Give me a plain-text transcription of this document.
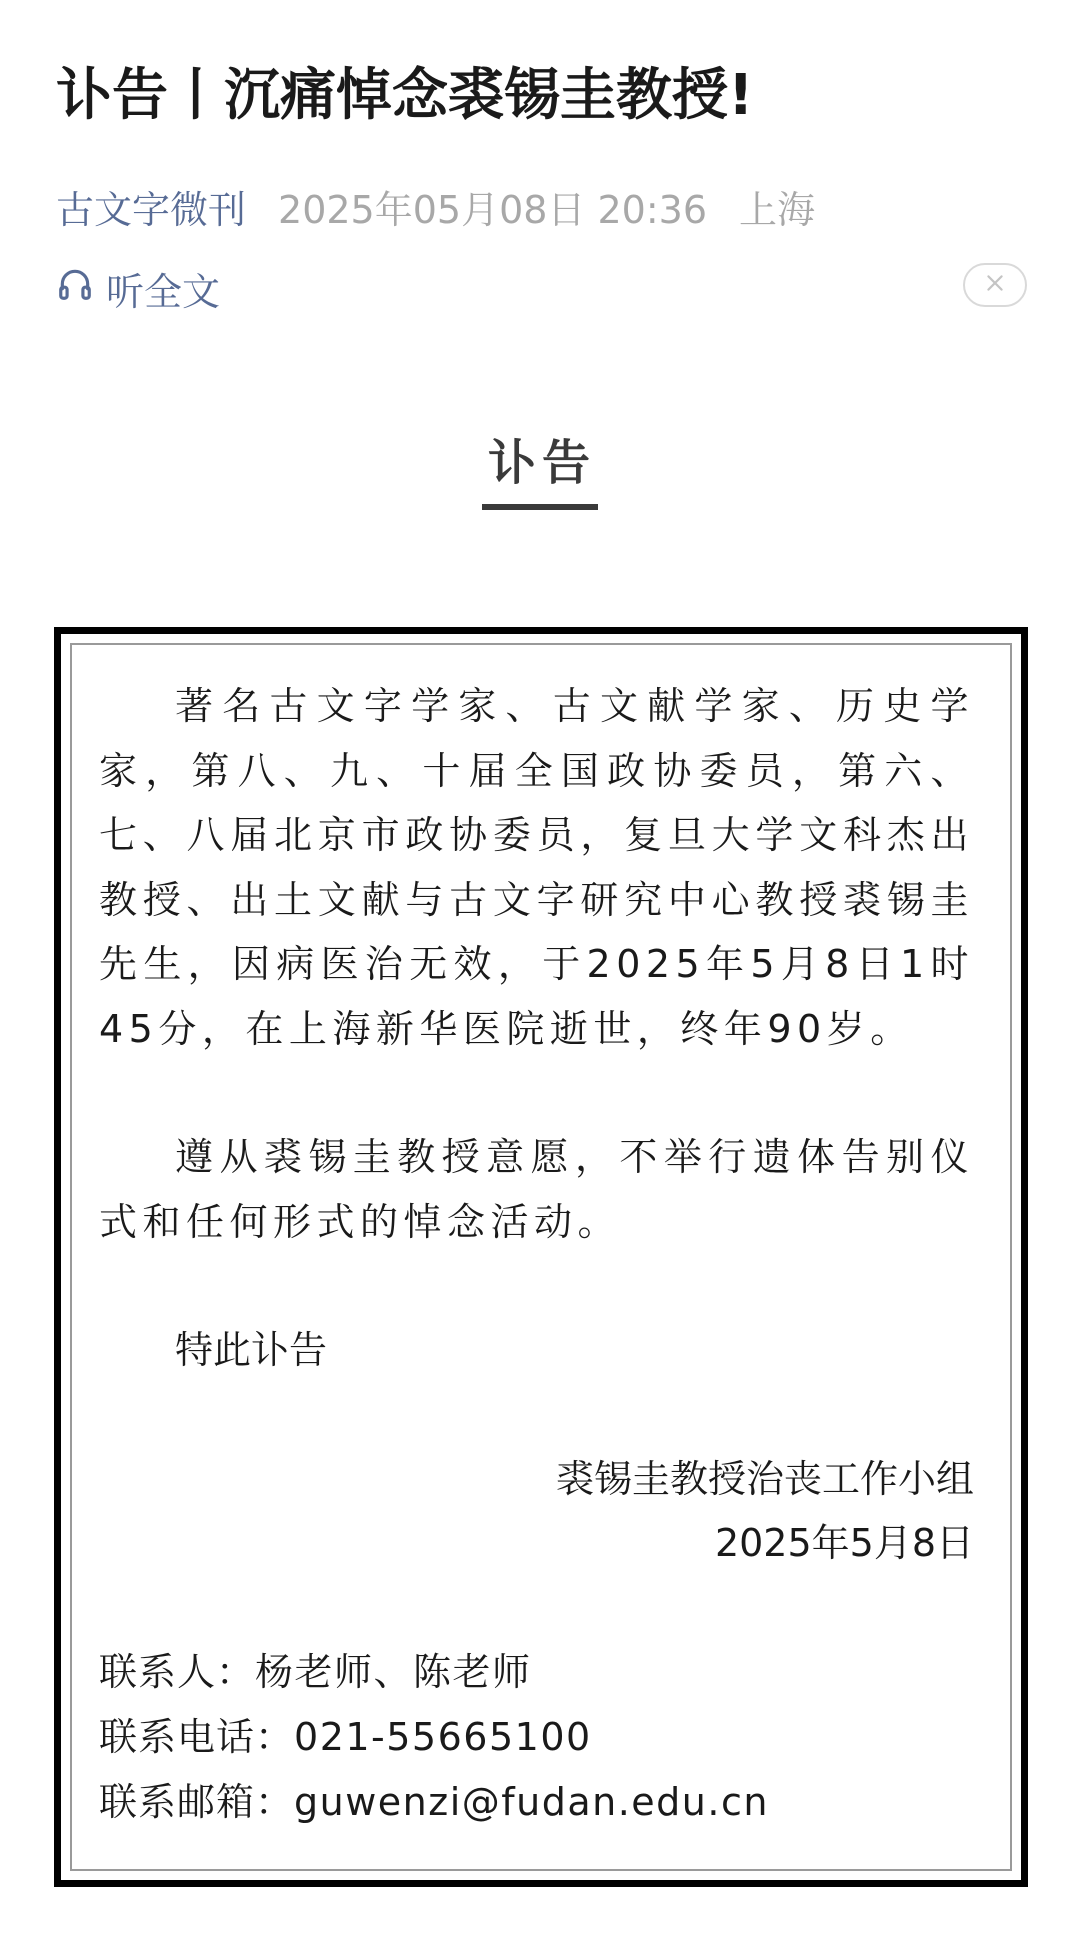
讣告丨沉痛悼念裘锡圭教授!
古文字微刊 2025年05月08日 20:36 上海
听全文
讣告

著名古文字学家、古文献学家、历史学家，第八、九、十届全国政协委员，第六、七、八届北京市政协委员，复旦大学文科杰出教授、出土文献与古文字研究中心教授裘锡圭先生，因病医治无效，于2025年5月8日1时45分，在上海新华医院逝世，终年90岁。

遵从裘锡圭教授意愿，不举行遗体告别仪式和任何形式的悼念活动。

特此讣告

裘锡圭教授治丧工作小组
2025年5月8日
联系人：杨老师、陈老师
联系电话：021-55665100
联系邮箱：guwenzi@fudan.edu.cn
